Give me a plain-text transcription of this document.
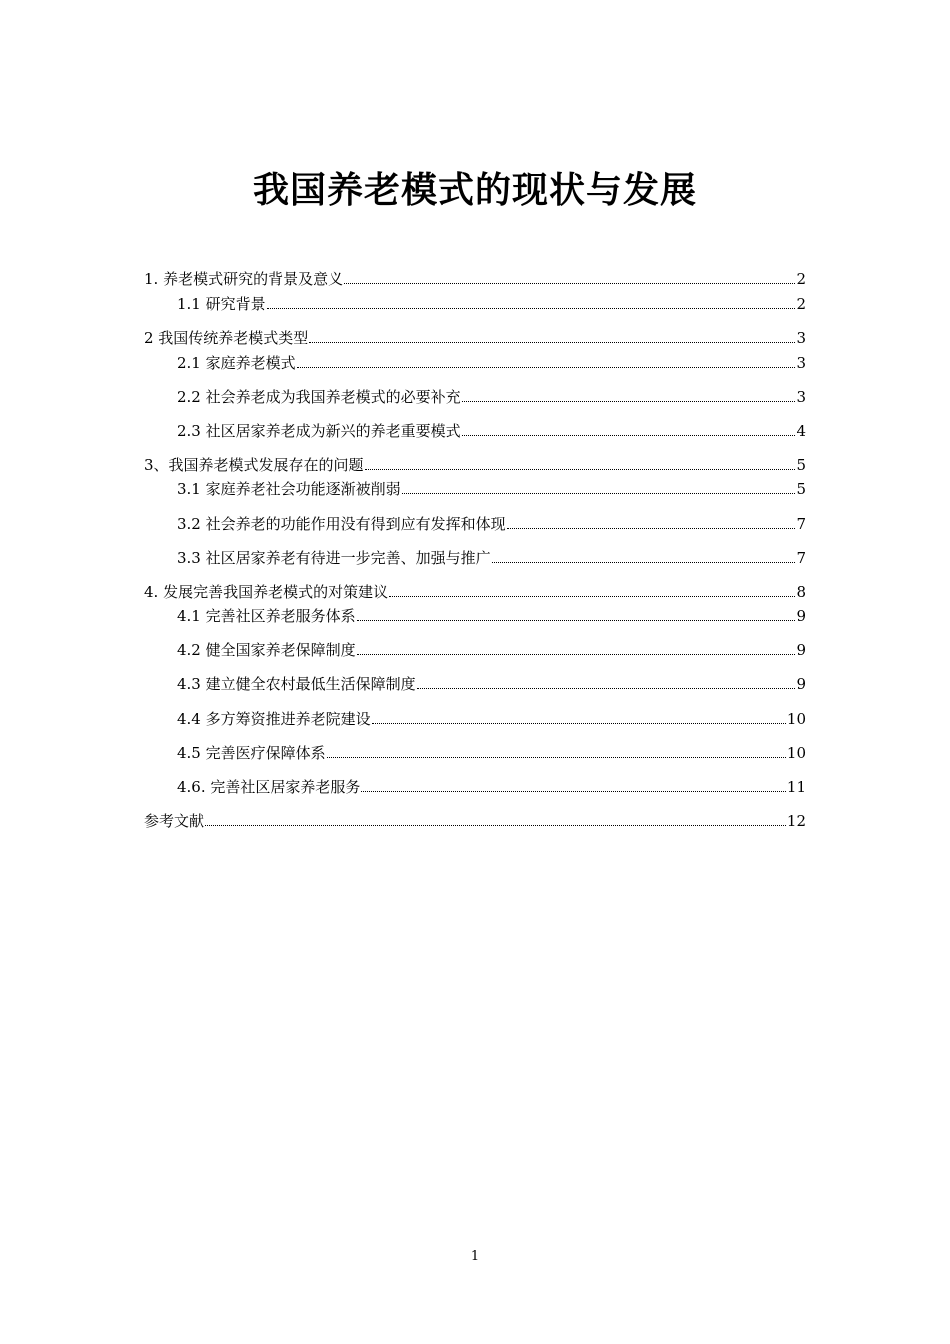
我国养老模式的现状与发展
1. 养老模式研究的背景及意义	2
1.1 研究背景	2
2 我国传统养老模式类型	3
2.1 家庭养老模式	3
2.2 社会养老成为我国养老模式的必要补充	3
2.3 社区居家养老成为新兴的养老重要模式	4
3、我国养老模式发展存在的问题	5
3.1 家庭养老社会功能逐渐被削弱	5
3.2 社会养老的功能作用没有得到应有发挥和体现	7
3.3 社区居家养老有待进一步完善、加强与推广	7
4. 发展完善我国养老模式的对策建议	8
4.1 完善社区养老服务体系	9
4.2 健全国家养老保障制度	9
4.3 建立健全农村最低生活保障制度	9
4.4 多方筹资推进养老院建设	10
4.5 完善医疗保障体系	10
4.6. 完善社区居家养老服务	11
参考文献	12
1
